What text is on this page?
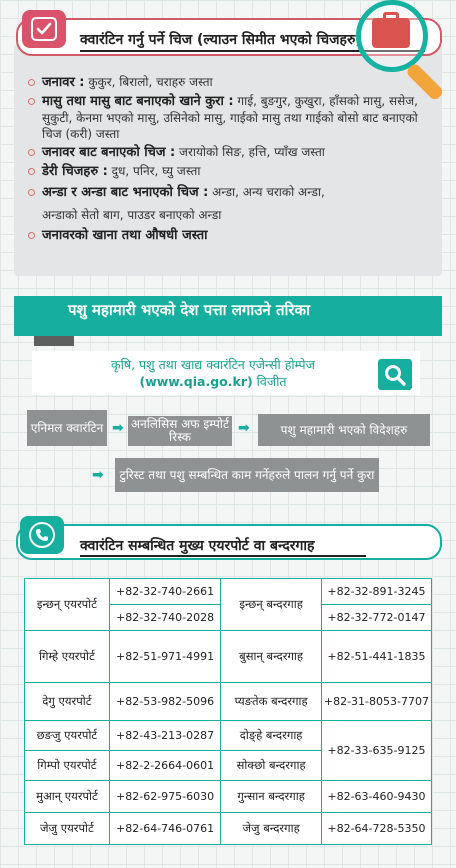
क्वारंटिन गर्नु पर्ने चिज (ल्याउन सिमीत भएको चिजहरु)
जनावर : कुकुर, बिरालो, चराहरु जस्ता
मासु तथा मासु बाट बनाएको खाने कुरा : गाई, बुङगुर, कुखुरा, हाँसको मासु, ससेज, सुकुटी, केनमा भएको मासु, उसिनेको मासु, गाईको मासु तथा गाईको बोसो बाट बनाएको चिज (करी) जस्ता
जनावर बाट बनाएको चिज : जरायोको सिङ, हत्ति, प्याँख जस्ता
डेरी चिजहरु : दुध, पनिर, घ्यु जस्ता
अन्डा र अन्डा बाट भनाएको चिज : अन्डा, अन्य चराको अन्डा,
अन्डाको सेतो बाग, पाउडर बनाएको अन्डा
जनावरको खाना तथा औषधी जस्ता
पशु महामारी भएको देश पत्ता लगाउने तरिका
कृषि, पशु तथा खाद्य क्वारंटिन एजेन्सी होम्पेज
(www.qia.go.kr) विजीत
एनिमल क्वारंटिन ➡ अनलिसिस अफ इम्पोर्ट रिस्क
➡	पशु महामारी भएको विदेशहरु
➡ टुरिस्ट तथा पशु सम्बन्धित काम गर्नेहरुले पालन गर्नु पर्ने कुरा
क्वारंटिन सम्बन्धित मुख्य एयरपोर्ट वा बन्दरगाह
इन्छन् एयरपोर्ट	+82-32-740-2661	इन्छन् बन्दरगाह	+82-32-891-3245
	+82-32-740-2028		+82-32-772-0147
गिम्हे एयरपोर्ट	+82-51-971-4991	बुसान् बन्दरगाह	+82-51-441-1835
देगु एयरपोर्ट	+82-53-982-5096	प्यङतेक बन्दरगाह	+82-31-8053-7707
छङजु एयरपोर्ट	+82-43-213-0287	दोङ्हे बन्दरगाह	+82-33-635-9125
गिम्पो एयरपोर्ट	+82-2-2664-0601	सोक्छो बन्दरगाह	
मुआन् एयरपोर्ट	+82-62-975-6030	गुन्सान बन्दरगाह	+82-63-460-9430
जेजु एयरपोर्ट	+82-64-746-0761	जेजु बन्दरगाह	+82-64-728-5350
